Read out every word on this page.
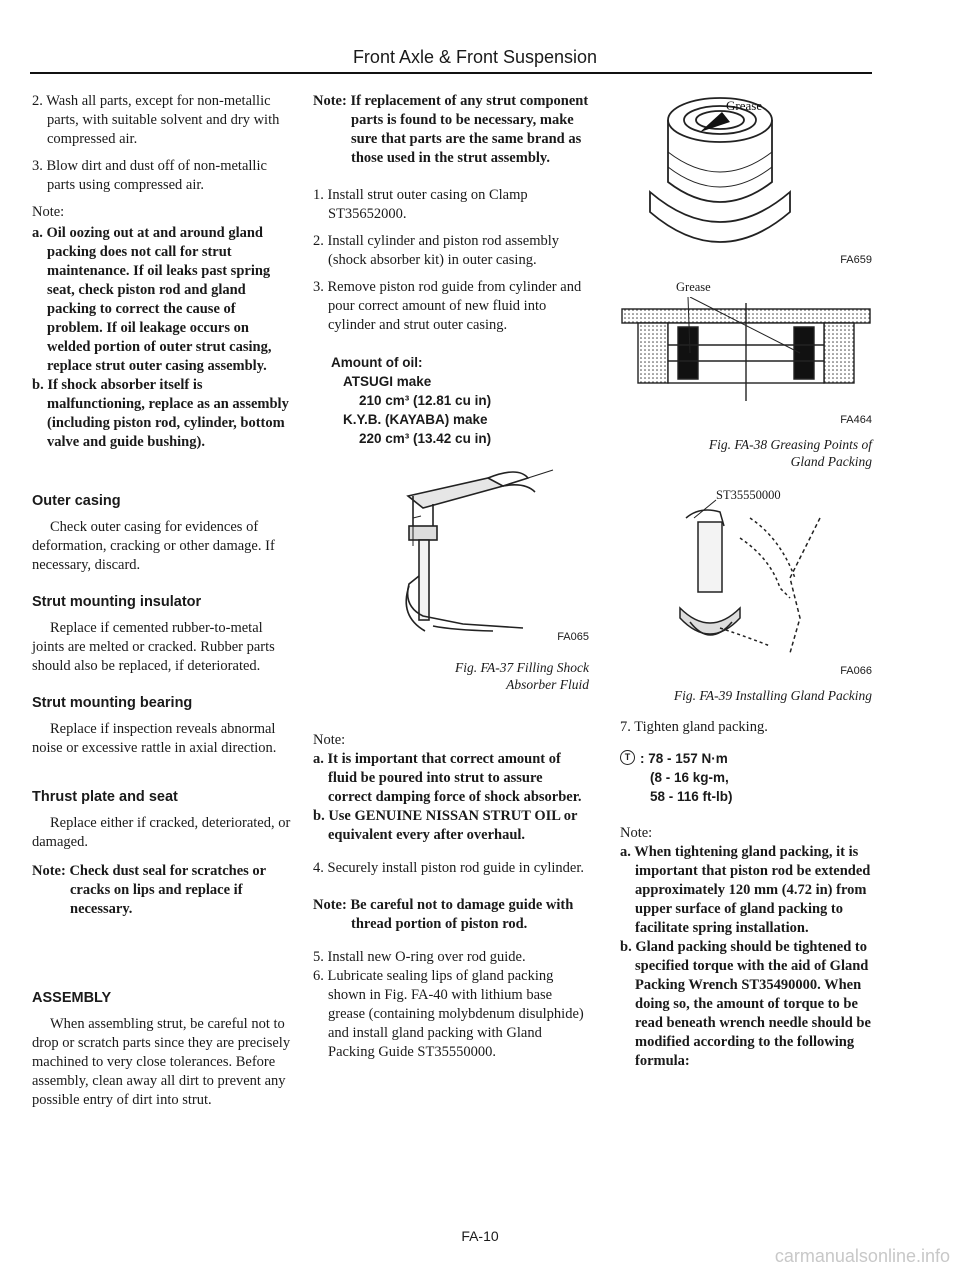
Front Axle & Front Suspension

2. Wash all parts, except for non-metallic parts, with suitable solvent and dry with compressed air.

3. Blow dirt and dust off of non-metallic parts using compressed air.

Note:

a. Oil oozing out at and around gland packing does not call for strut maintenance. If oil leaks past spring seat, check piston rod and gland packing to correct the cause of problem. If oil leakage occurs on welded portion of outer strut casing, replace strut outer casing assembly.

b. If shock absorber itself is malfunctioning, replace as an assembly (including piston rod, cylinder, bottom valve and guide bushing).

Outer casing

Check outer casing for evidences of deformation, cracking or other damage. If necessary, discard.

Strut mounting insulator

Replace if cemented rubber-to-metal joints are melted or cracked. Rubber parts should also be replaced, if deteriorated.

Strut mounting bearing

Replace if inspection reveals abnormal noise or excessive rattle in axial direction.

Thrust plate and seat

Replace either if cracked, deteriorated, or damaged.

Note: Check dust seal for scratches or cracks on lips and replace if necessary.

ASSEMBLY

When assembling strut, be careful not to drop or scratch parts since they are precisely machined to very close tolerances. Before assembly, clean away all dirt to prevent any possible entry of dirt into strut.

Note: If replacement of any strut component parts is found to be necessary, make sure that parts are the same brand as those used in the strut assembly.

1. Install strut outer casing on Clamp ST35652000.

2. Install cylinder and piston rod assembly (shock absorber kit) in outer casing.

3. Remove piston rod guide from cylinder and pour correct amount of new fluid into cylinder and strut outer casing.

Amount of oil:
ATSUGI make
210 cm³ (12.81 cu in)
K.Y.B. (KAYABA) make
220 cm³ (13.42 cu in)
FA065

Fig. FA-37 Filling Shock Absorber Fluid

Note:

a. It is important that correct amount of fluid be poured into strut to assure correct damping force of shock absorber.

b. Use GENUINE NISSAN STRUT OIL or equivalent every after overhaul.

4. Securely install piston rod guide in cylinder.

Note: Be careful not to damage guide with thread portion of piston rod.

5. Install new O-ring over rod guide.

6. Lubricate sealing lips of gland packing shown in Fig. FA-40 with lithium base grease (containing molybdenum disulphide) and install gland packing with Gland Packing Guide ST35550000.

Grease
FA659
Grease
FA464

Fig. FA-38 Greasing Points of Gland Packing

ST35550000
FA066

Fig. FA-39 Installing Gland Packing

7. Tighten gland packing.

T : 78 - 157 N·m
(8 - 16 kg-m,
58 - 116 ft-lb)

Note:

a. When tightening gland packing, it is important that piston rod be extended approximately 120 mm (4.72 in) from upper surface of gland packing to facilitate spring installation.

b. Gland packing should be tightened to specified torque with the aid of Gland Packing Wrench ST35490000. When doing so, the amount of torque to be read beneath wrench needle should be modified according to the following formula:

FA-10
carmanualsonline.info
